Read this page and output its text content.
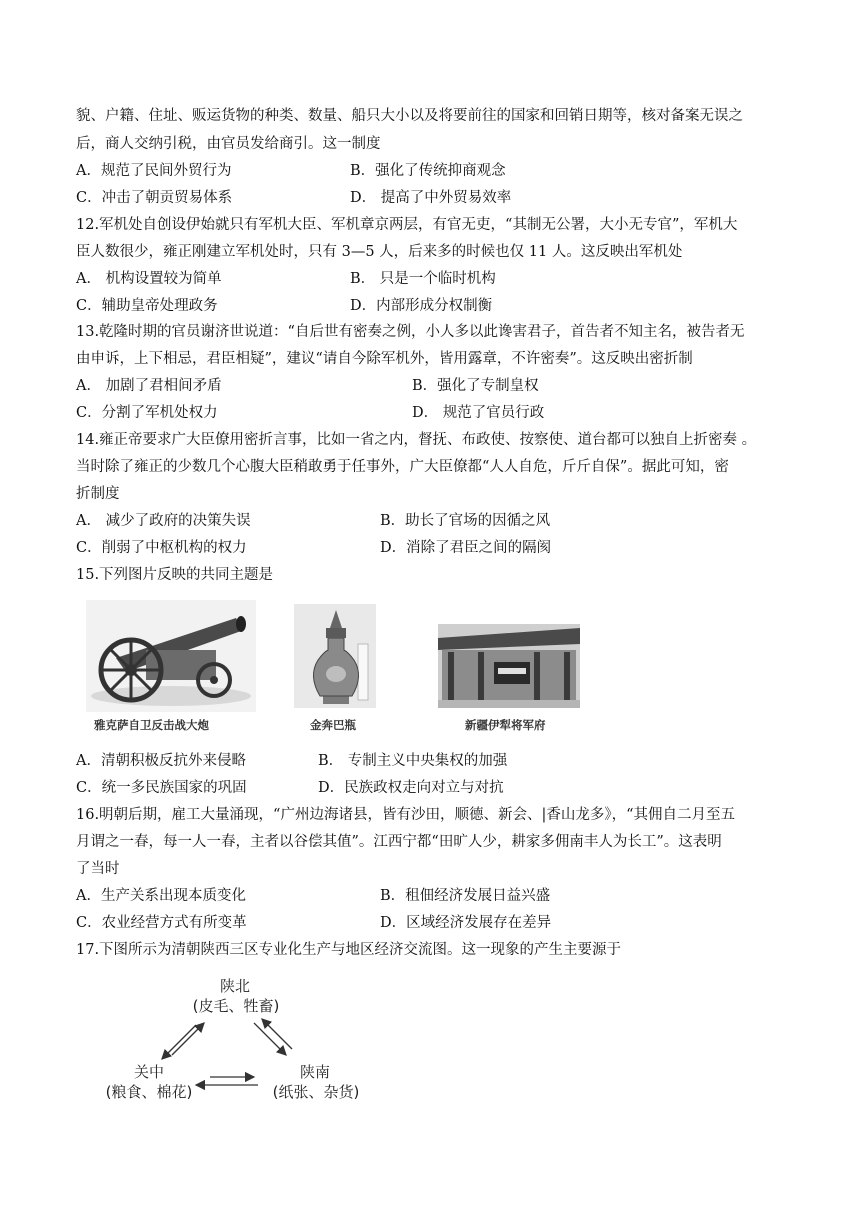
貌、户籍、住址、贩运货物的种类、数量、船只大小以及将要前往的国家和回销日期等，核对备案无误之
后，商人交纳引税，由官员发给商引。这一制度
A．规范了民间外贸行为	B．强化了传统抑商观念
C．冲击了朝贡贸易体系	D． 提高了中外贸易效率
12.军机处自创设伊始就只有军机大臣、军机章京两层，有官无吏，“其制无公署，大小无专官”，军机大
臣人数很少，雍正刚建立军机处时，只有 3—5 人，后来多的时候也仅 11 人。这反映出军机处
A． 机构设置较为简单	B． 只是一个临时机构
C．辅助皇帝处理政务	D．内部形成分权制衡
13.乾隆时期的官员谢济世说道：“自后世有密奏之例，小人多以此谗害君子，首告者不知主名，被告者无
由申诉，上下相忌，君臣相疑”，建议“请自今除军机外，皆用露章，不许密奏”。这反映出密折制
A． 加剧了君相间矛盾	B．强化了专制皇权
C．分割了军机处权力	D． 规范了官员行政
14.雍正帝要求广大臣僚用密折言事，比如一省之内，督抚、布政使、按察使、道台都可以独自上折密奏 。
当时除了雍正的少数几个心腹大臣稍敢勇于任事外，广大臣僚都“人人自危，斤斤自保”。据此可知，密
折制度
A． 减少了政府的决策失误	B．助长了官场的因循之风
C．削弱了中枢机构的权力	D．消除了君臣之间的隔阂
15.下列图片反映的共同主题是
雅克萨自卫反击战大炮	金奔巴瓶	新疆伊犁将军府
A．清朝积极反抗外来侵略	B． 专制主义中央集权的加强
C．统一多民族国家的巩固	D．民族政权走向对立与对抗
16.明朝后期，雇工大量涌现，“广州边海诸县，皆有沙田，顺德、新会、|香山龙多》，“其佣自二月至五
月谓之一春，每一人一春，主者以谷偿其值”。江西宁都“田旷人少，耕家多佣南丰人为长工”。这表明
了当时
A．生产关系出现本质变化	B．租佃经济发展日益兴盛
C．农业经营方式有所变革	D．区域经济发展存在差异
17.下图所示为清朝陕西三区专业化生产与地区经济交流图。这一现象的产生主要源于
陕北
(皮毛、牲畜)
关中
(粮食、棉花)
陕南
(纸张、杂货)
